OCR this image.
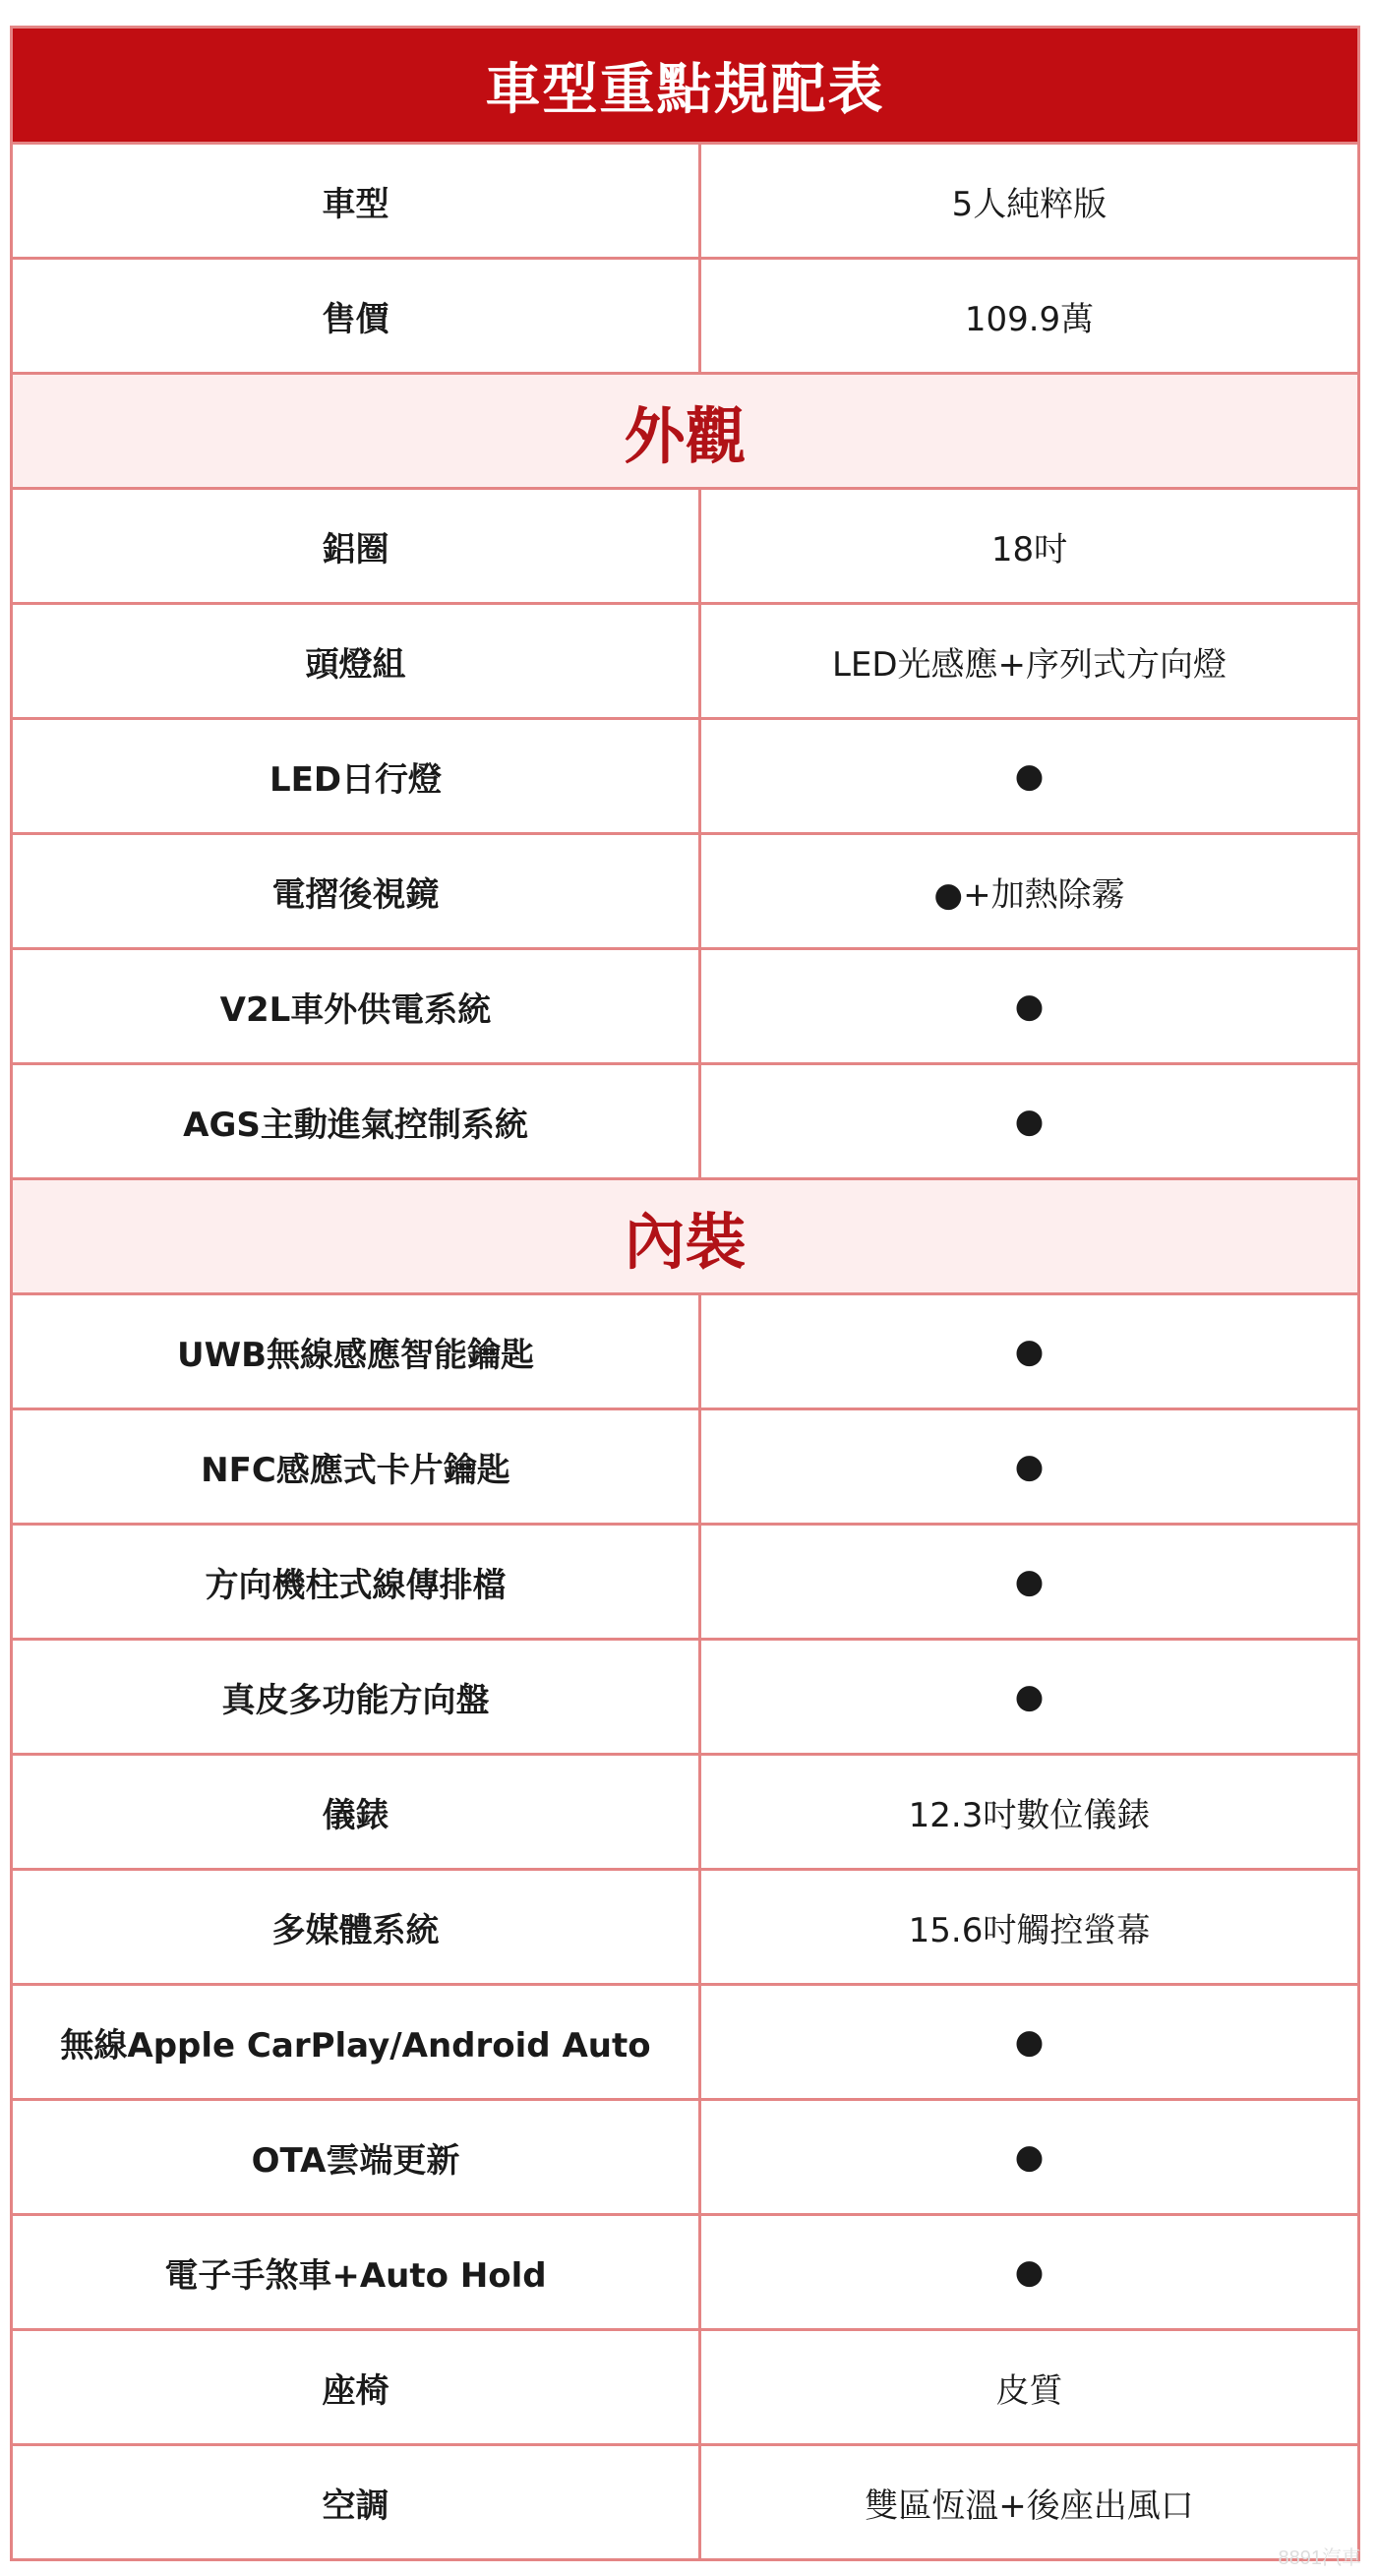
車型重點規配表
車型	5人純粹版
售價	109.9萬
外觀
鋁圈	18吋
頭燈組	LED光感應+序列式方向燈
LED日行燈	●
電摺後視鏡	●+加熱除霧
V2L車外供電系統	●
AGS主動進氣控制系統	●
內裝
UWB無線感應智能鑰匙	●
NFC感應式卡片鑰匙	●
方向機柱式線傳排檔	●
真皮多功能方向盤	●
儀錶	12.3吋數位儀錶
多媒體系統	15.6吋觸控螢幕
無線Apple CarPlay/Android Auto	●
OTA雲端更新	●
電子手煞車+Auto Hold	●
座椅	皮質
空調	雙區恆溫+後座出風口
8891汽車
